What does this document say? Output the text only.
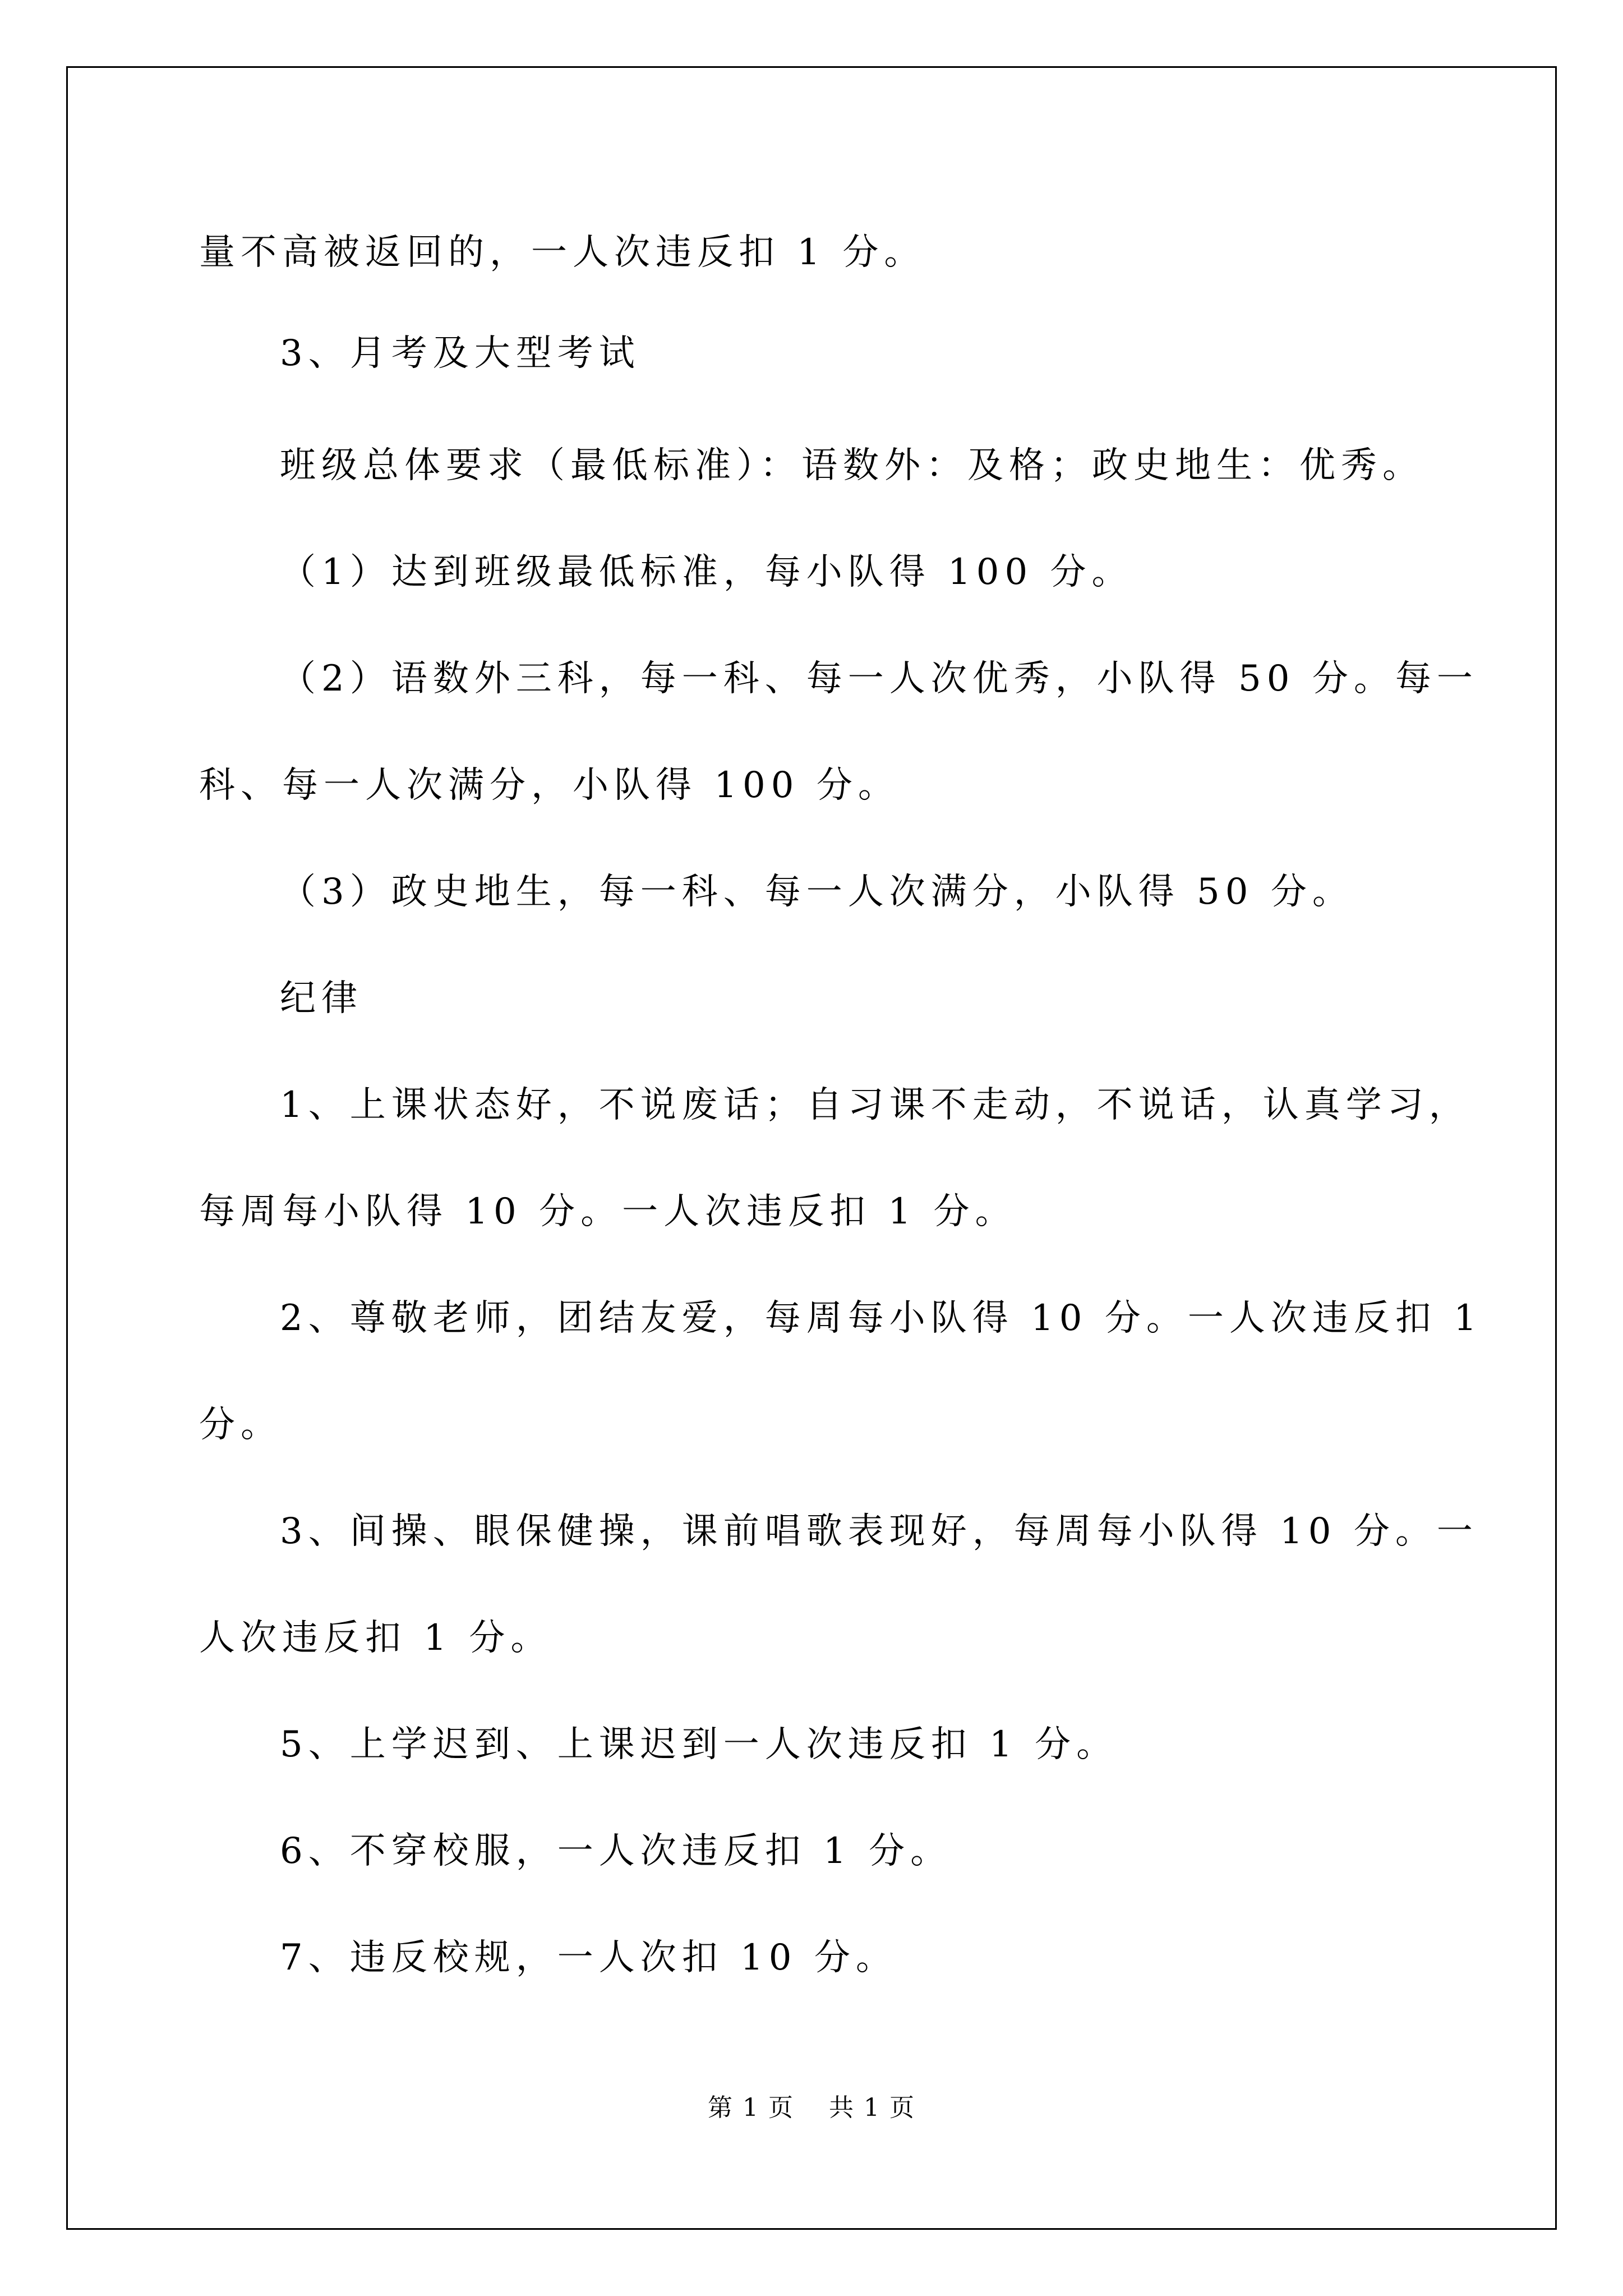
量不高被返回的，一人次违反扣 1 分。
3、月考及大型考试
班级总体要求（最低标准）：语数外：及格；政史地生：优秀。
（1）达到班级最低标准，每小队得 100 分。
（2）语数外三科，每一科、每一人次优秀，小队得 50 分。每一
科、每一人次满分，小队得 100 分。
（3）政史地生，每一科、每一人次满分，小队得 50 分。
纪律
1、上课状态好，不说废话；自习课不走动，不说话，认真学习，
每周每小队得 10 分。一人次违反扣 1 分。
2、尊敬老师，团结友爱，每周每小队得 10 分。一人次违反扣 1
分。
3、间操、眼保健操，课前唱歌表现好，每周每小队得 10 分。一
人次违反扣 1 分。
5、上学迟到、上课迟到一人次违反扣 1 分。
6、不穿校服，一人次违反扣 1 分。
7、违反校规，一人次扣 10 分。
第 1 页　 共 1 页
